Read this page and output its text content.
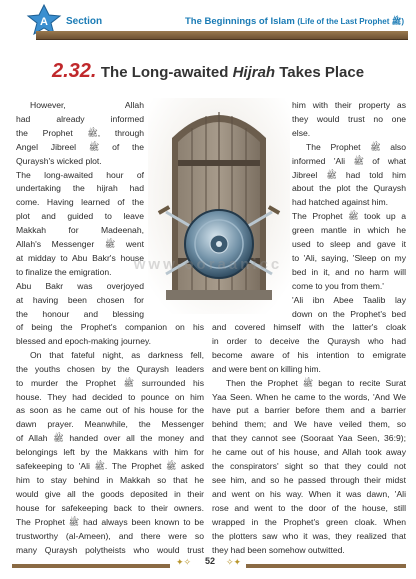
A Section	The Beginnings of Islam (Life of the Last Prophet ﷺ)
2.32. The Long-awaited Hijrah Takes Place
www.ooraanicc
However, Allah
had already informed
the Prophet ﷺ, through
Angel Jibreel ﷺ of the
Quraysh's wicked plot.
The long-awaited hour of
undertaking the hijrah had
come. Having learned of the
plot and guided to leave
Makkah for Madeenah,
Allah's Messenger ﷺ went
at midday to Abu Bakr's house
to finalize the emigration.
Abu Bakr was overjoyed
at having been chosen for
the honour and blessing
of being the Prophet's companion on his
blessed and epoch-making journey.
On that fateful night, as darkness fell,
the youths chosen by the Quraysh leaders
to murder the Prophet ﷺ surrounded his
house. They had decided to pounce on him
as soon as he came out of his house for the
dawn prayer. Meanwhile, the Messenger
of Allah ﷺ handed over all the money and
belongings left by the Makkans with him for
safekeeping to 'Ali ﷺ. The Prophet ﷺ asked
him to stay behind in Makkah so that he
would give all the goods deposited in their
house for safekeeping back to their owners.
The Prophet ﷺ had always been known to be
trustworthy (al-Ameen), and there were so
many Quraysh polytheists who would trust
him with their property as
they would trust no one
else.
The Prophet ﷺ also
informed 'Ali ﷺ of what
Jibreel ﷺ had told him
about the plot the Quraysh
had hatched against him.
The Prophet ﷺ took up a
green mantle in which he
used to sleep and gave it
to 'Ali, saying, 'Sleep on my
bed in it, and no harm will
come to you from them.'
'Ali ibn Abee Taalib lay
down on the Prophet's bed
and covered himself with the latter's cloak
in order to deceive the Quraysh who had
become aware of his intention to emigrate
and were bent on killing him.
Then the Prophet ﷺ began to recite Surat
Yaa Seen. When he came to the words, 'And We
have put a barrier before them and a barrier
behind them; and We have veiled them, so
that they cannot see (Sooraat Yaa Seen, 36:9);
he came out of his house, and Allah took away
the conspirators' sight so that they could not
see him, and so he passed through their midst
and went on his way. When it was dawn, 'Ali
rose and went to the door of the house, still
wrapped in the Prophet's green cloak. When
the plotters saw who it was, they realized that
they had been somehow outwitted.
✦✧	52	✧✦
